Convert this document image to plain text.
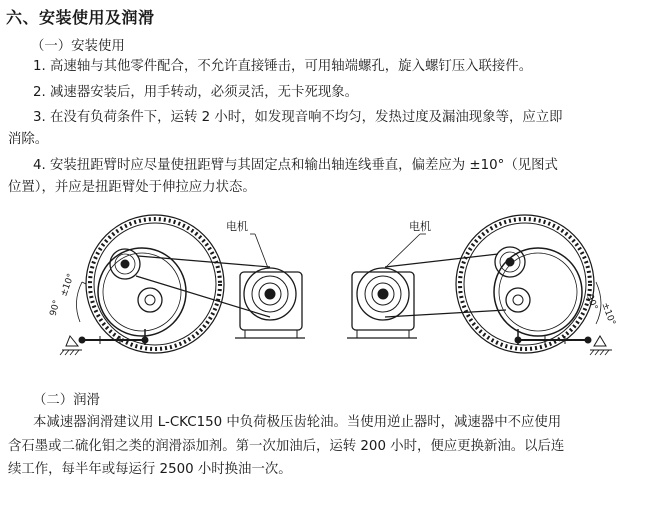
六、安装使用及润滑
（一）安装使用
1. 高速轴与其他零件配合，不允许直接锤击，可用轴端螺孔，旋入螺钉压入联接件。
2. 减速器安装后，用手转动，必须灵活，无卡死现象。
3. 在没有负荷条件下，运转 2 小时，如发现音响不均匀，发热过度及漏油现象等，应立即
消除。
4. 安装扭距臂时应尽量使扭距臂与其固定点和输出轴连线垂直，偏差应为 ±10°（见图式
位置），并应是扭距臂处于伸拉应力状态。
电机
90°
±10°
电机
90° ±10°
（二）润滑
本减速器润滑建议用 L-CKC150 中负荷极压齿轮油。当使用逆止器时，减速器中不应使用
含石墨或二硫化钼之类的润滑添加剂。第一次加油后，运转 200 小时，便应更换新油。以后连
续工作，每半年或每运行 2500 小时换油一次。
